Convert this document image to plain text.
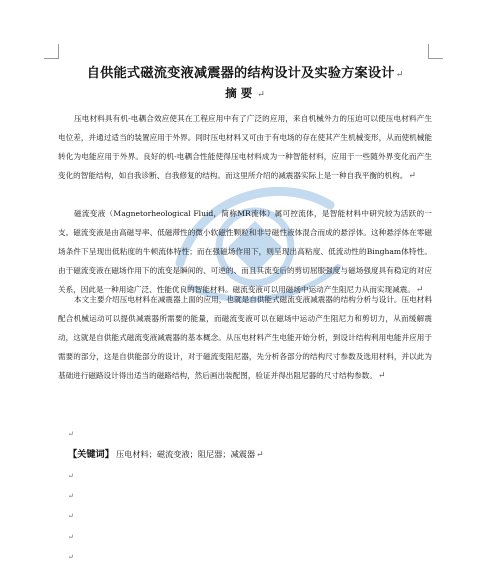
自供能式磁流变液减震器的结构设计及实验方案设计↵
摘要↵

压电材料具有机-电耦合效应使其在工程应用中有了广泛的应用，来自机械外力的压迫可以使压电材料产生电位差，并通过适当的装置应用于外界。同时压电材料又可由于有电场的存在使其产生机械变形，从而使机械能转化为电能应用于外界。良好的机-电耦合性能使得压电材料成为一种智能材料，应用于一些随外界变化而产生变化的智能结构，如自我诊断、自我修复的结构。而这里所介绍的减震器实际上是一种自我平衡的机构。↵

磁流变液（Magnetorheological Fluid，简称MR流体）属可控流体，是智能材料中研究较为活跃的一支。磁流变液是由高磁导率、低磁滞性的微小软磁性颗粒和非导磁性液体混合而成的悬浮体。这种悬浮体在零磁场条件下呈现出低粘度的牛顿流体特性；而在强磁场作用下，则呈现出高粘度、低流动性的Bingham体特性。由于磁流变液在磁场作用下的流变是瞬间的、可逆的、而且其流变后的剪切屈服强度与磁场强度具有稳定的对应关系，因此是一种用途广泛、性能优良的智能材料。磁流变液可以用磁场中运动产生阻尼力从而实现减震。↵

本文主要介绍压电材料在减震器上面的应用，也就是自供能式磁流变液减震器的结构分析与设计。压电材料配合机械运动可以提供减震器所需要的能量，而磁流变液可以在磁场中运动产生阻尼力和剪切力，从而缓解震动，这就是自供能式磁流变液减震器的基本概念。从压电材料产生电能开始分析，到设计结构利用电能并应用于需要的部分，这是自供能部分的设计，对于磁流变阻尼器，先分析各部分的结构尺寸参数及选用材料，并以此为基础进行磁路设计得出适当的磁路结构，然后画出装配图，验证并得出阻尼器的尺寸结构参数。↵

↵
【关键词】 压电材料；磁流变液；阻尼器；减震器↵
↵
↵
↵
↵
↵
